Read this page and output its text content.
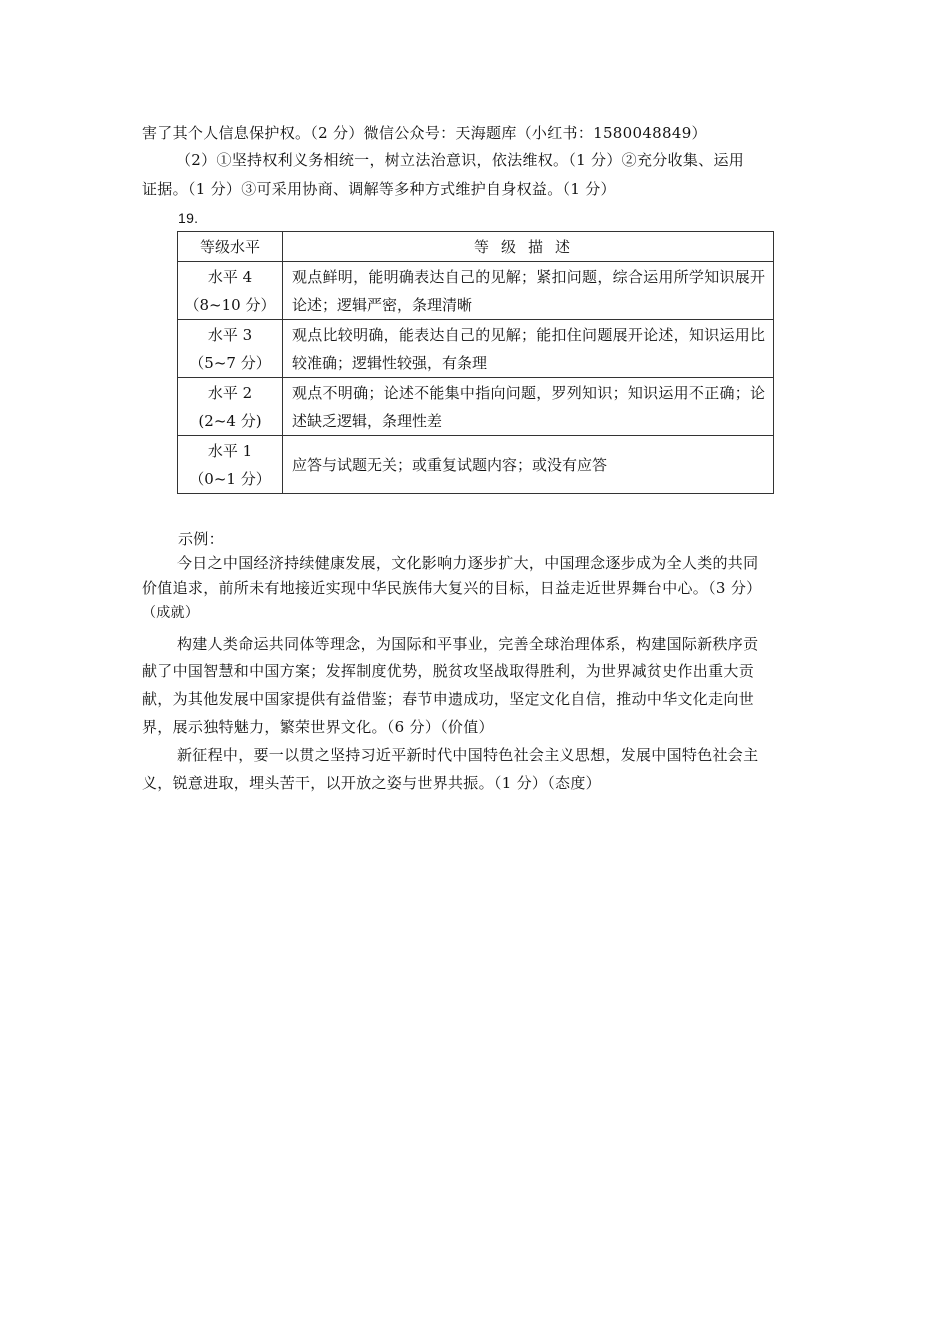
害了其个人信息保护权。（2 分）微信公众号：天海题库（小红书：1580048849）
（2）①坚持权利义务相统一，树立法治意识，依法维权。（1 分）②充分收集、运用
证据。（1 分）③可采用协商、调解等多种方式维护自身权益。（1 分）
19.
等级水平	等级描述

水平 4
（8~10 分）	观点鲜明，能明确表达自己的见解；紧扣问题，综合运用所学知识展开论述；逻辑严密，条理清晰

水平 3
（5~7 分）	观点比较明确，能表达自己的见解；能扣住问题展开论述，知识运用比较准确；逻辑性较强，有条理

水平 2
(2~4 分)	观点不明确；论述不能集中指向问题，罗列知识；知识运用不正确；论述缺乏逻辑，条理性差

水平 1
（0~1 分）	应答与试题无关；或重复试题内容；或没有应答
示例：
今日之中国经济持续健康发展，文化影响力逐步扩大，中国理念逐步成为全人类的共同
价值追求，前所未有地接近实现中华民族伟大复兴的目标，日益走近世界舞台中心。（3 分）
（成就）
构建人类命运共同体等理念，为国际和平事业，完善全球治理体系，构建国际新秩序贡
献了中国智慧和中国方案；发挥制度优势，脱贫攻坚战取得胜利，为世界减贫史作出重大贡
献，为其他发展中国家提供有益借鉴；春节申遗成功，坚定文化自信，推动中华文化走向世
界，展示独特魅力，繁荣世界文化。（6 分）（价值）
新征程中，要一以贯之坚持习近平新时代中国特色社会主义思想，发展中国特色社会主
义，锐意进取，埋头苦干，以开放之姿与世界共振。（1 分）（态度）
